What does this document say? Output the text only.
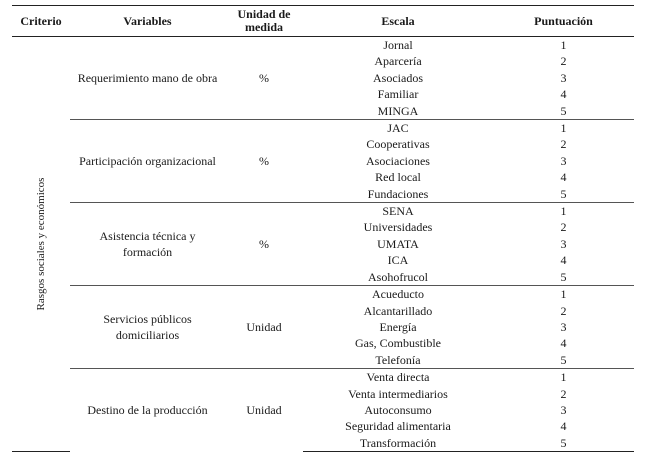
Criterio	Variables	Unidad de medida	Escala	Puntuación

Rasgos sociales y económicos	Requerimiento mano de obra	%	Jornal	1
			Aparcería	2
			Asociados	3
			Familiar	4
			MINGA	5
	Participación organizacional	%	JAC	1
			Cooperativas	2
			Asociaciones	3
			Red local	4
			Fundaciones	5
	Asistencia técnica y formación	%	SENA	1
			Universidades	2
			UMATA	3
			ICA	4
			Asohofrucol	5
	Servicios públicos domiciliarios	Unidad	Acueducto	1
			Alcantarillado	2
			Energía	3
			Gas, Combustible	4
			Telefonía	5
	Destino de la producción	Unidad	Venta directa	1
			Venta intermediarios	2
			Autoconsumo	3
			Seguridad alimentaria	4
			Transformación	5
